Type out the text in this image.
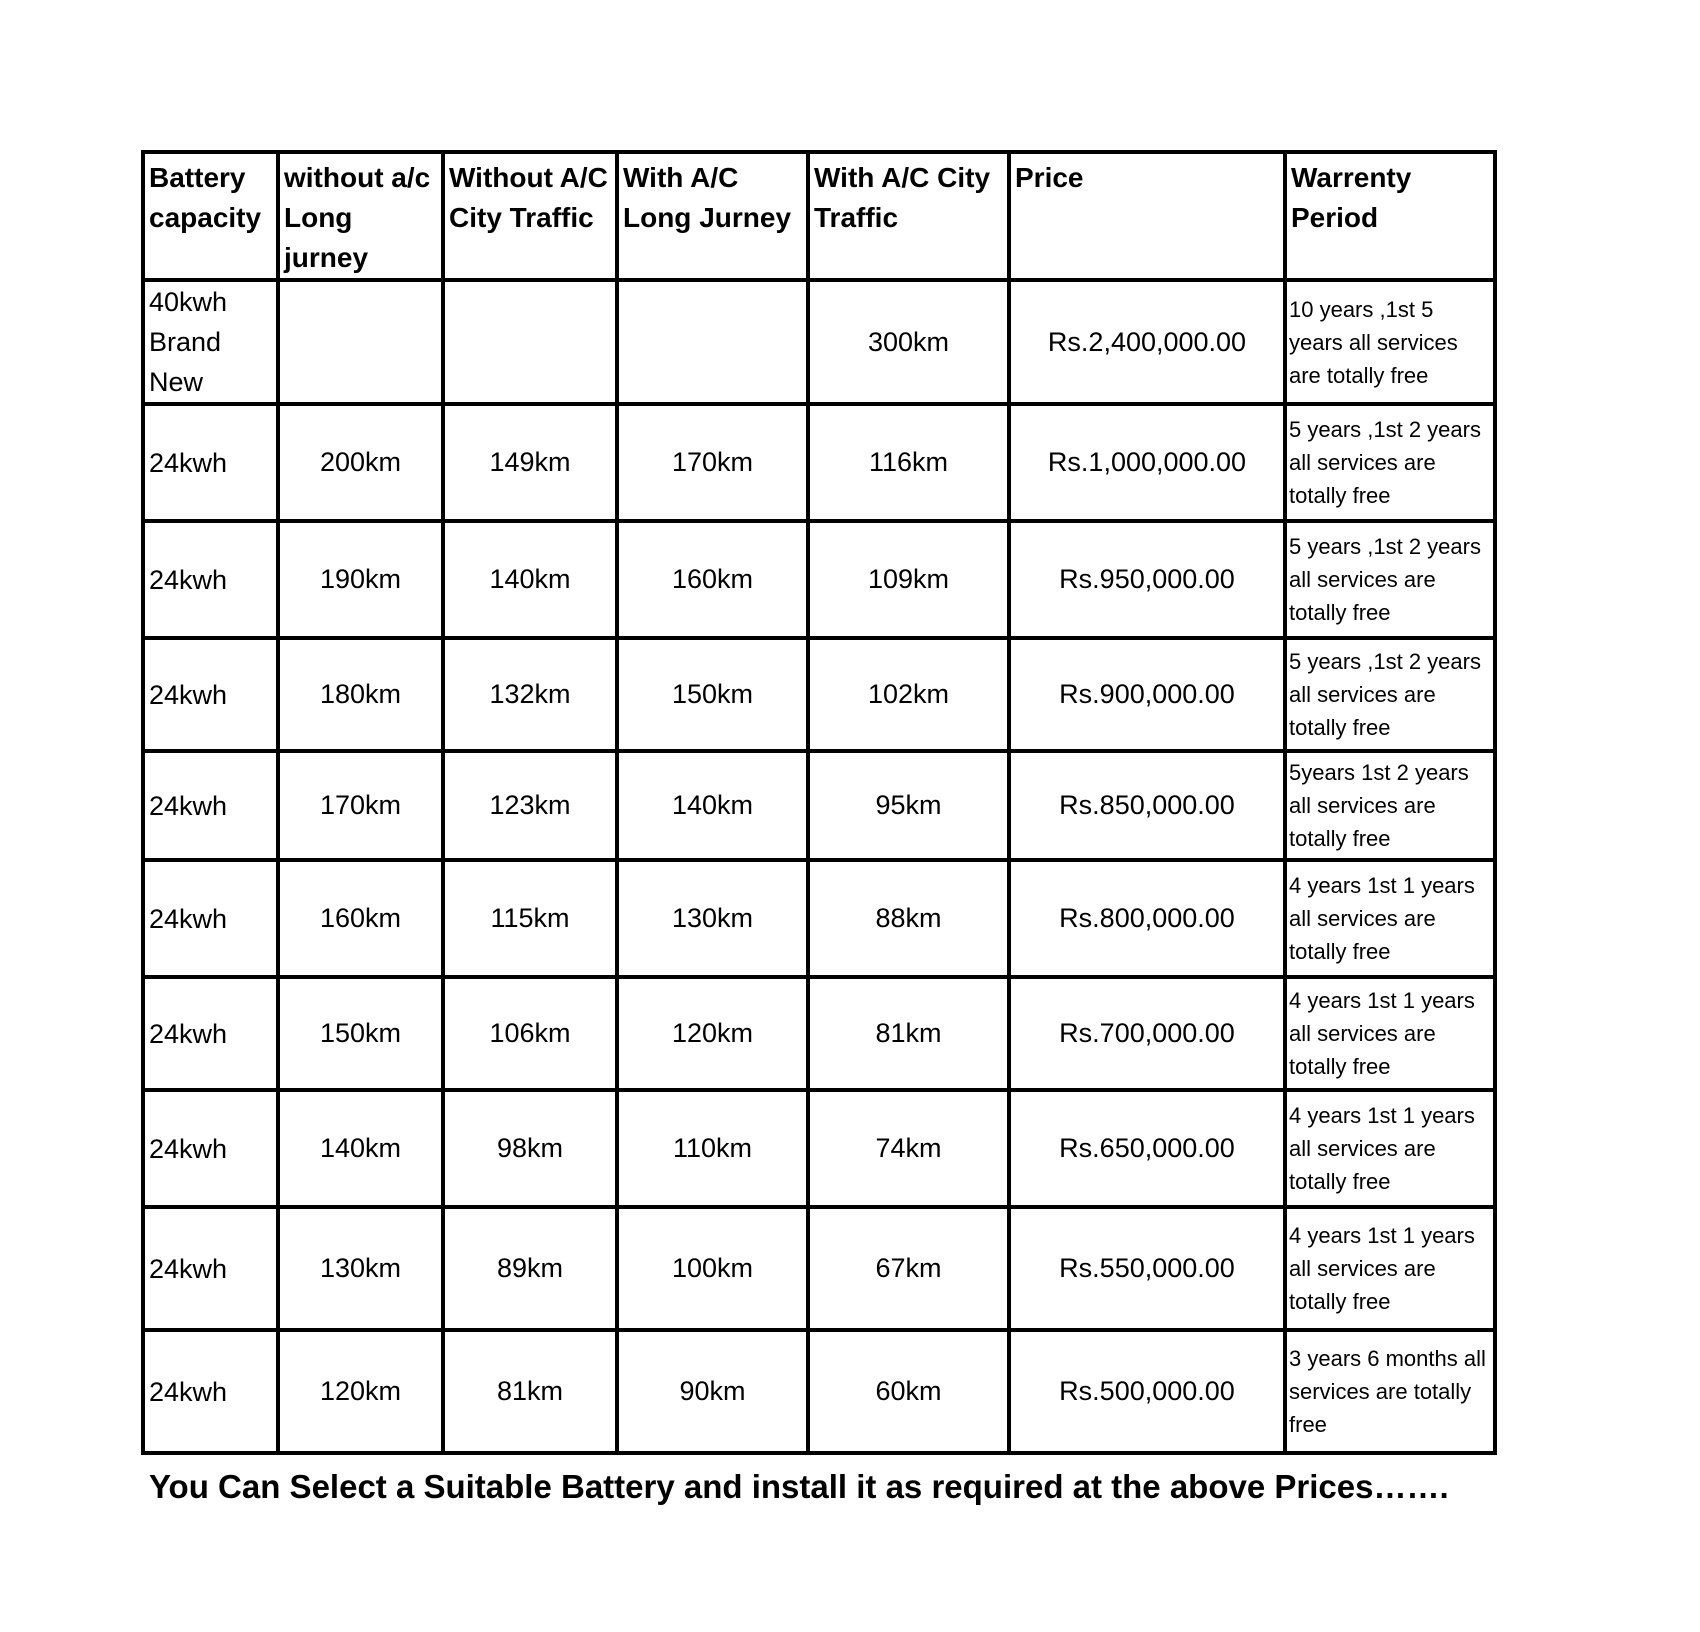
Battery capacity	without a/c Long jurney	Without A/C City Traffic	With A/C Long Jurney	With A/C City Traffic	Price	Warrenty Period

40kwh Brand New				300km	Rs.2,400,000.00	10 years ,1st 5 years all services are totally free

24kwh	200km	149km	170km	116km	Rs.1,000,000.00	5 years ,1st 2 years all services are totally free

24kwh	190km	140km	160km	109km	Rs.950,000.00	5 years ,1st 2 years all services are totally free

24kwh	180km	132km	150km	102km	Rs.900,000.00	5 years ,1st 2 years all services are totally free

24kwh	170km	123km	140km	95km	Rs.850,000.00	5years 1st 2 years all services are totally free

24kwh	160km	115km	130km	88km	Rs.800,000.00	4 years 1st 1 years all services are totally free

24kwh	150km	106km	120km	81km	Rs.700,000.00	4 years 1st 1 years all services are totally free

24kwh	140km	98km	110km	74km	Rs.650,000.00	4 years 1st 1 years all services are totally free

24kwh	130km	89km	100km	67km	Rs.550,000.00	4 years 1st 1 years all services are totally free

24kwh	120km	81km	90km	60km	Rs.500,000.00	3 years 6 months all services are totally free

You Can Select a Suitable Battery and install it as required at the above Prices…….
